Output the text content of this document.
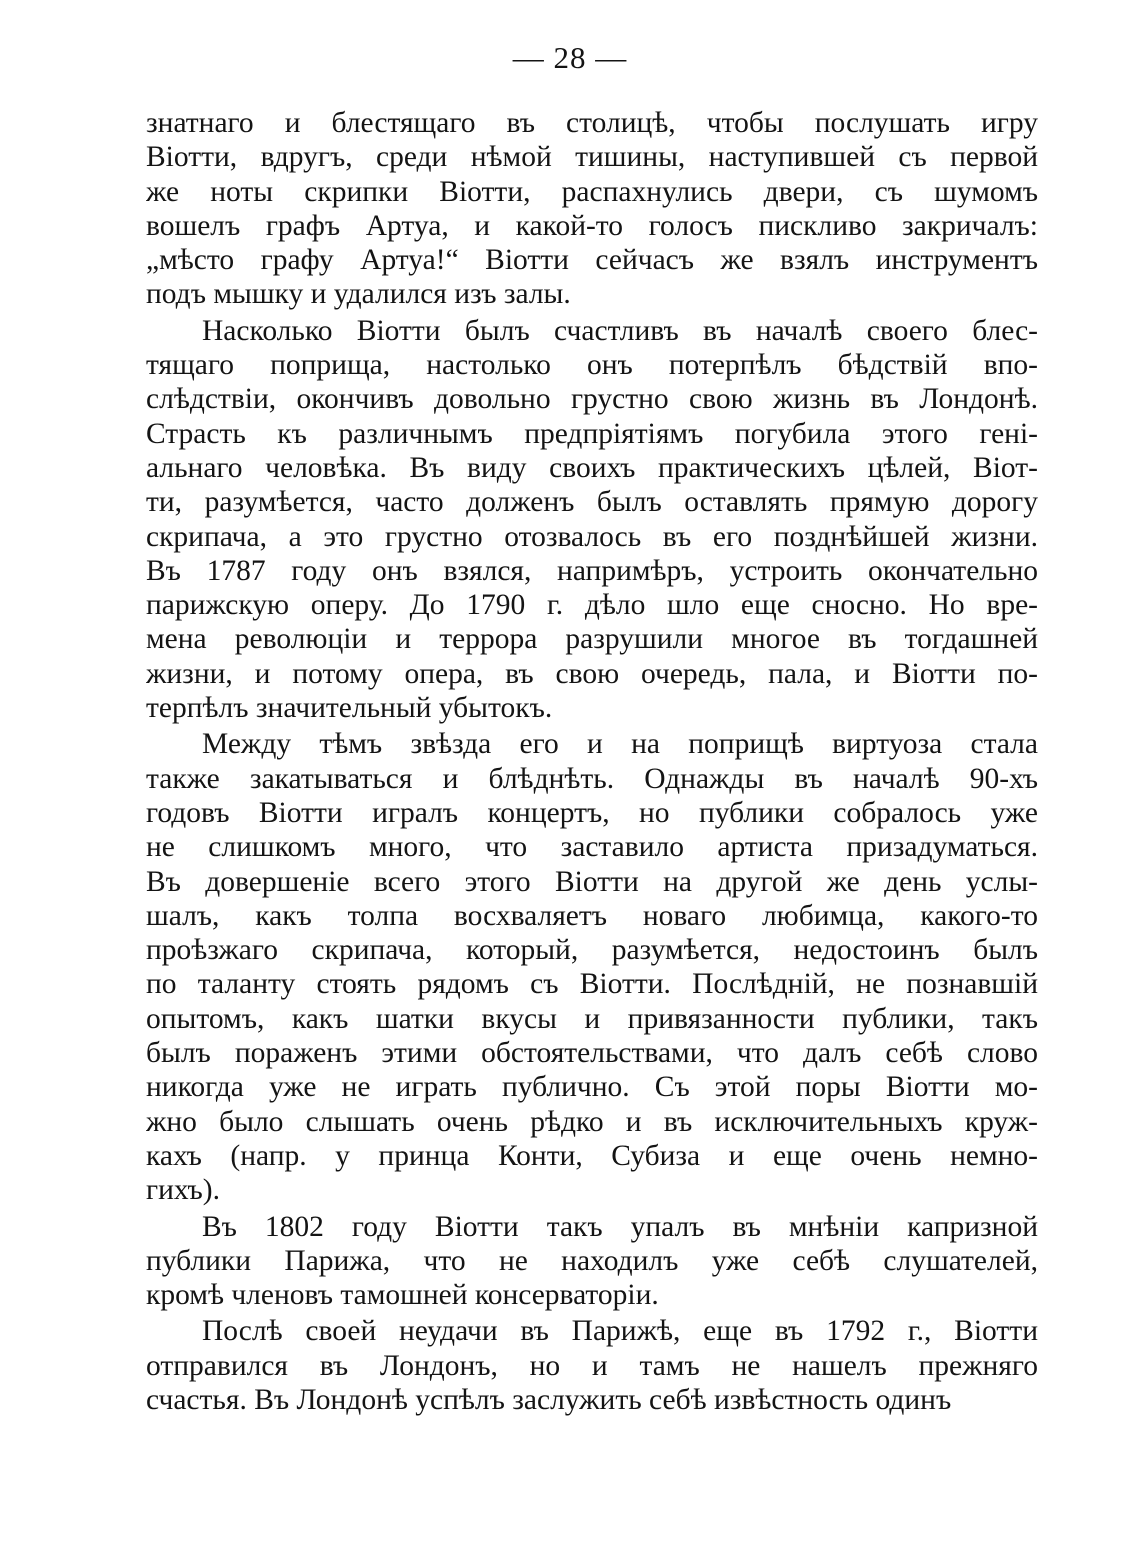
— 28 —
знатнаго и блестящаго въ столицѣ, чтобы послушать игру
Віотти, вдругъ, среди нѣмой тишины, наступившей съ первой
же ноты скрипки Віотти, распахнулись двери, съ шумомъ
вошелъ графъ Артуа, и какой-то голосъ пискливо закричалъ:
„мѣсто графу Артуа!“ Віотти сейчасъ же взялъ инструментъ
подъ мышку и удалился изъ залы.
Насколько Віотти былъ счастливъ въ началѣ своего блес-
тящаго поприща, настолько онъ потерпѣлъ бѣдствій впо-
слѣдствіи, окончивъ довольно грустно свою жизнь въ Лондонѣ.
Страсть къ различнымъ предпріятіямъ погубила этого гені-
альнаго человѣка. Въ виду своихъ практическихъ цѣлей, Віот-
ти, разумѣется, часто долженъ былъ оставлять прямую дорогу
скрипача, а это грустно отозвалось въ его позднѣйшей жизни.
Въ 1787 году онъ взялся, напримѣръ, устроить окончательно
парижскую оперу. До 1790 г. дѣло шло еще сносно. Но вре-
мена революціи и террора разрушили многое въ тогдашней
жизни, и потому опера, въ свою очередь, пала, и Віотти по-
терпѣлъ значительный убытокъ.
Между тѣмъ звѣзда его и на поприщѣ виртуоза стала
также закатываться и блѣднѣть. Однажды въ началѣ 90-хъ
годовъ Віотти игралъ концертъ, но публики собралось уже
не слишкомъ много, что заставило артиста призадуматься.
Въ довершеніе всего этого Віотти на другой же день услы-
шалъ, какъ толпа восхваляетъ новаго любимца, какого-то
проѣзжаго скрипача, который, разумѣется, недостоинъ былъ
по таланту стоять рядомъ съ Віотти. Послѣдній, не познавшій
опытомъ, какъ шатки вкусы и привязанности публики, такъ
былъ пораженъ этими обстоятельствами, что далъ себѣ слово
никогда уже не играть публично. Съ этой поры Віотти мо-
жно было слышать очень рѣдко и въ исключительныхъ круж-
кахъ (напр. у принца Конти, Субиза и еще очень немно-
гихъ).
Въ 1802 году Віотти такъ упалъ въ мнѣніи капризной
публики Парижа, что не находилъ уже себѣ слушателей,
кромѣ членовъ тамошней консерваторіи.
Послѣ своей неудачи въ Парижѣ, еще въ 1792 г., Віотти
отправился въ Лондонъ, но и тамъ не нашелъ прежняго
счастья. Въ Лондонѣ успѣлъ заслужить себѣ извѣстность одинъ
